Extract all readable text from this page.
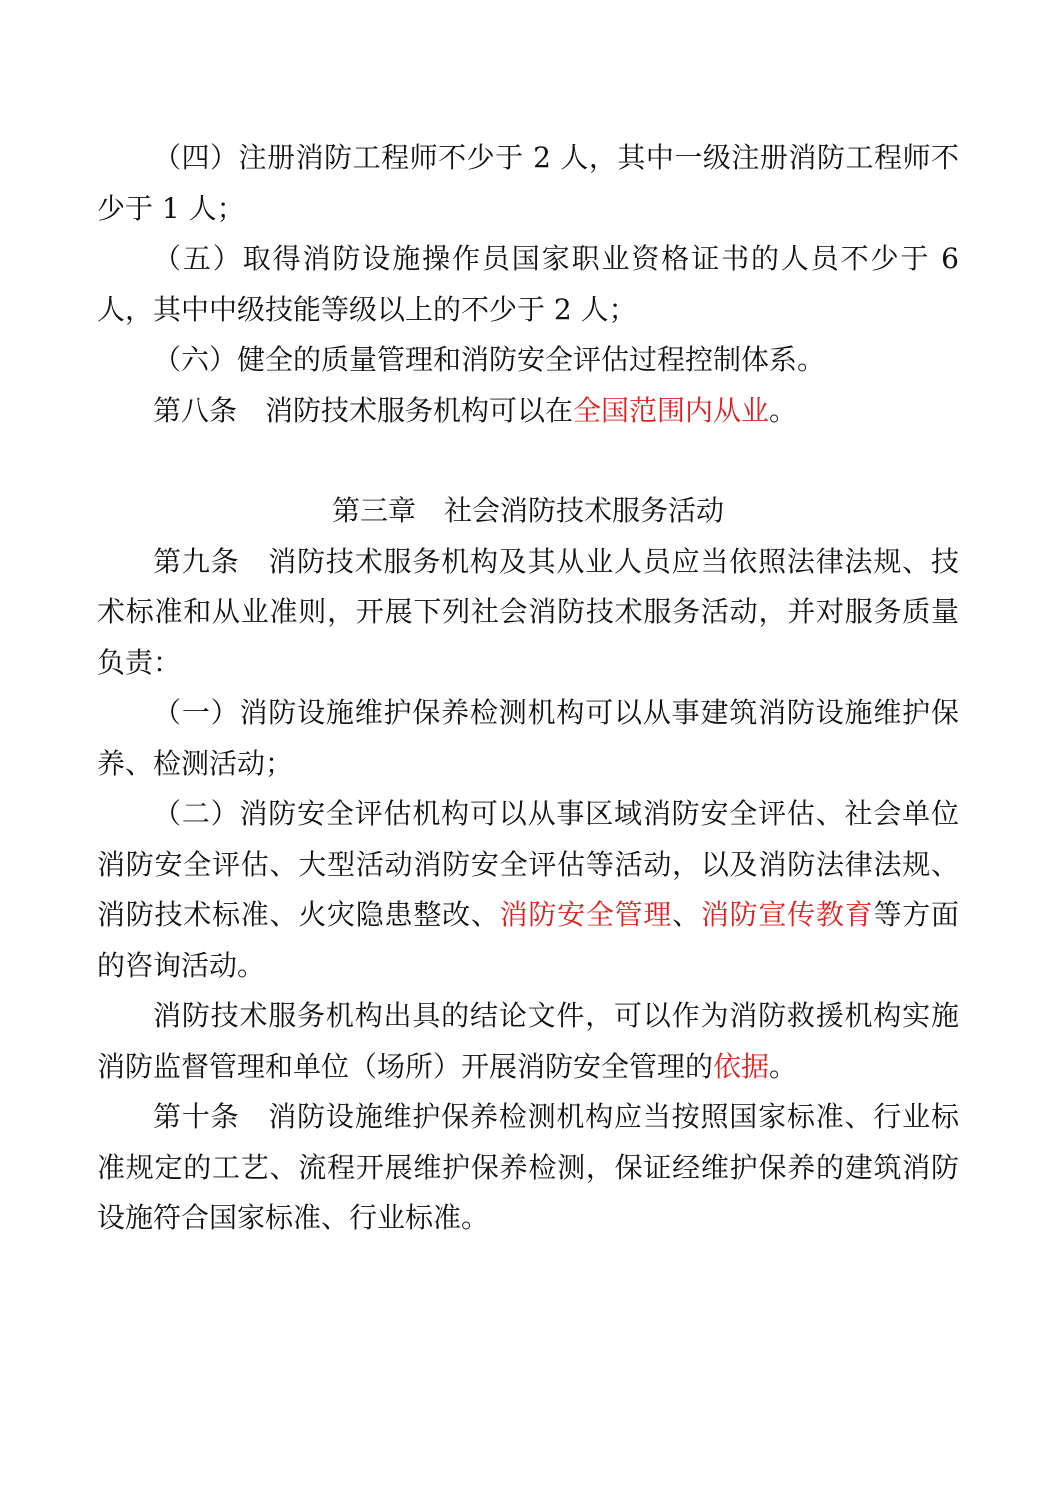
（四）注册消防工程师不少于 2 人，其中一级注册消防工程师不少于 1 人；

（五）取得消防设施操作员国家职业资格证书的人员不少于 6 人，其中中级技能等级以上的不少于 2 人；

（六）健全的质量管理和消防安全评估过程控制体系。

第八条　消防技术服务机构可以在全国范围内从业。

第三章　社会消防技术服务活动

第九条　消防技术服务机构及其从业人员应当依照法律法规、技术标准和从业准则，开展下列社会消防技术服务活动，并对服务质量负责：

（一）消防设施维护保养检测机构可以从事建筑消防设施维护保养、检测活动；

（二）消防安全评估机构可以从事区域消防安全评估、社会单位消防安全评估、大型活动消防安全评估等活动，以及消防法律法规、消防技术标准、火灾隐患整改、消防安全管理、消防宣传教育等方面的咨询活动。

消防技术服务机构出具的结论文件，可以作为消防救援机构实施消防监督管理和单位（场所）开展消防安全管理的依据。

第十条　消防设施维护保养检测机构应当按照国家标准、行业标准规定的工艺、流程开展维护保养检测，保证经维护保养的建筑消防设施符合国家标准、行业标准。
